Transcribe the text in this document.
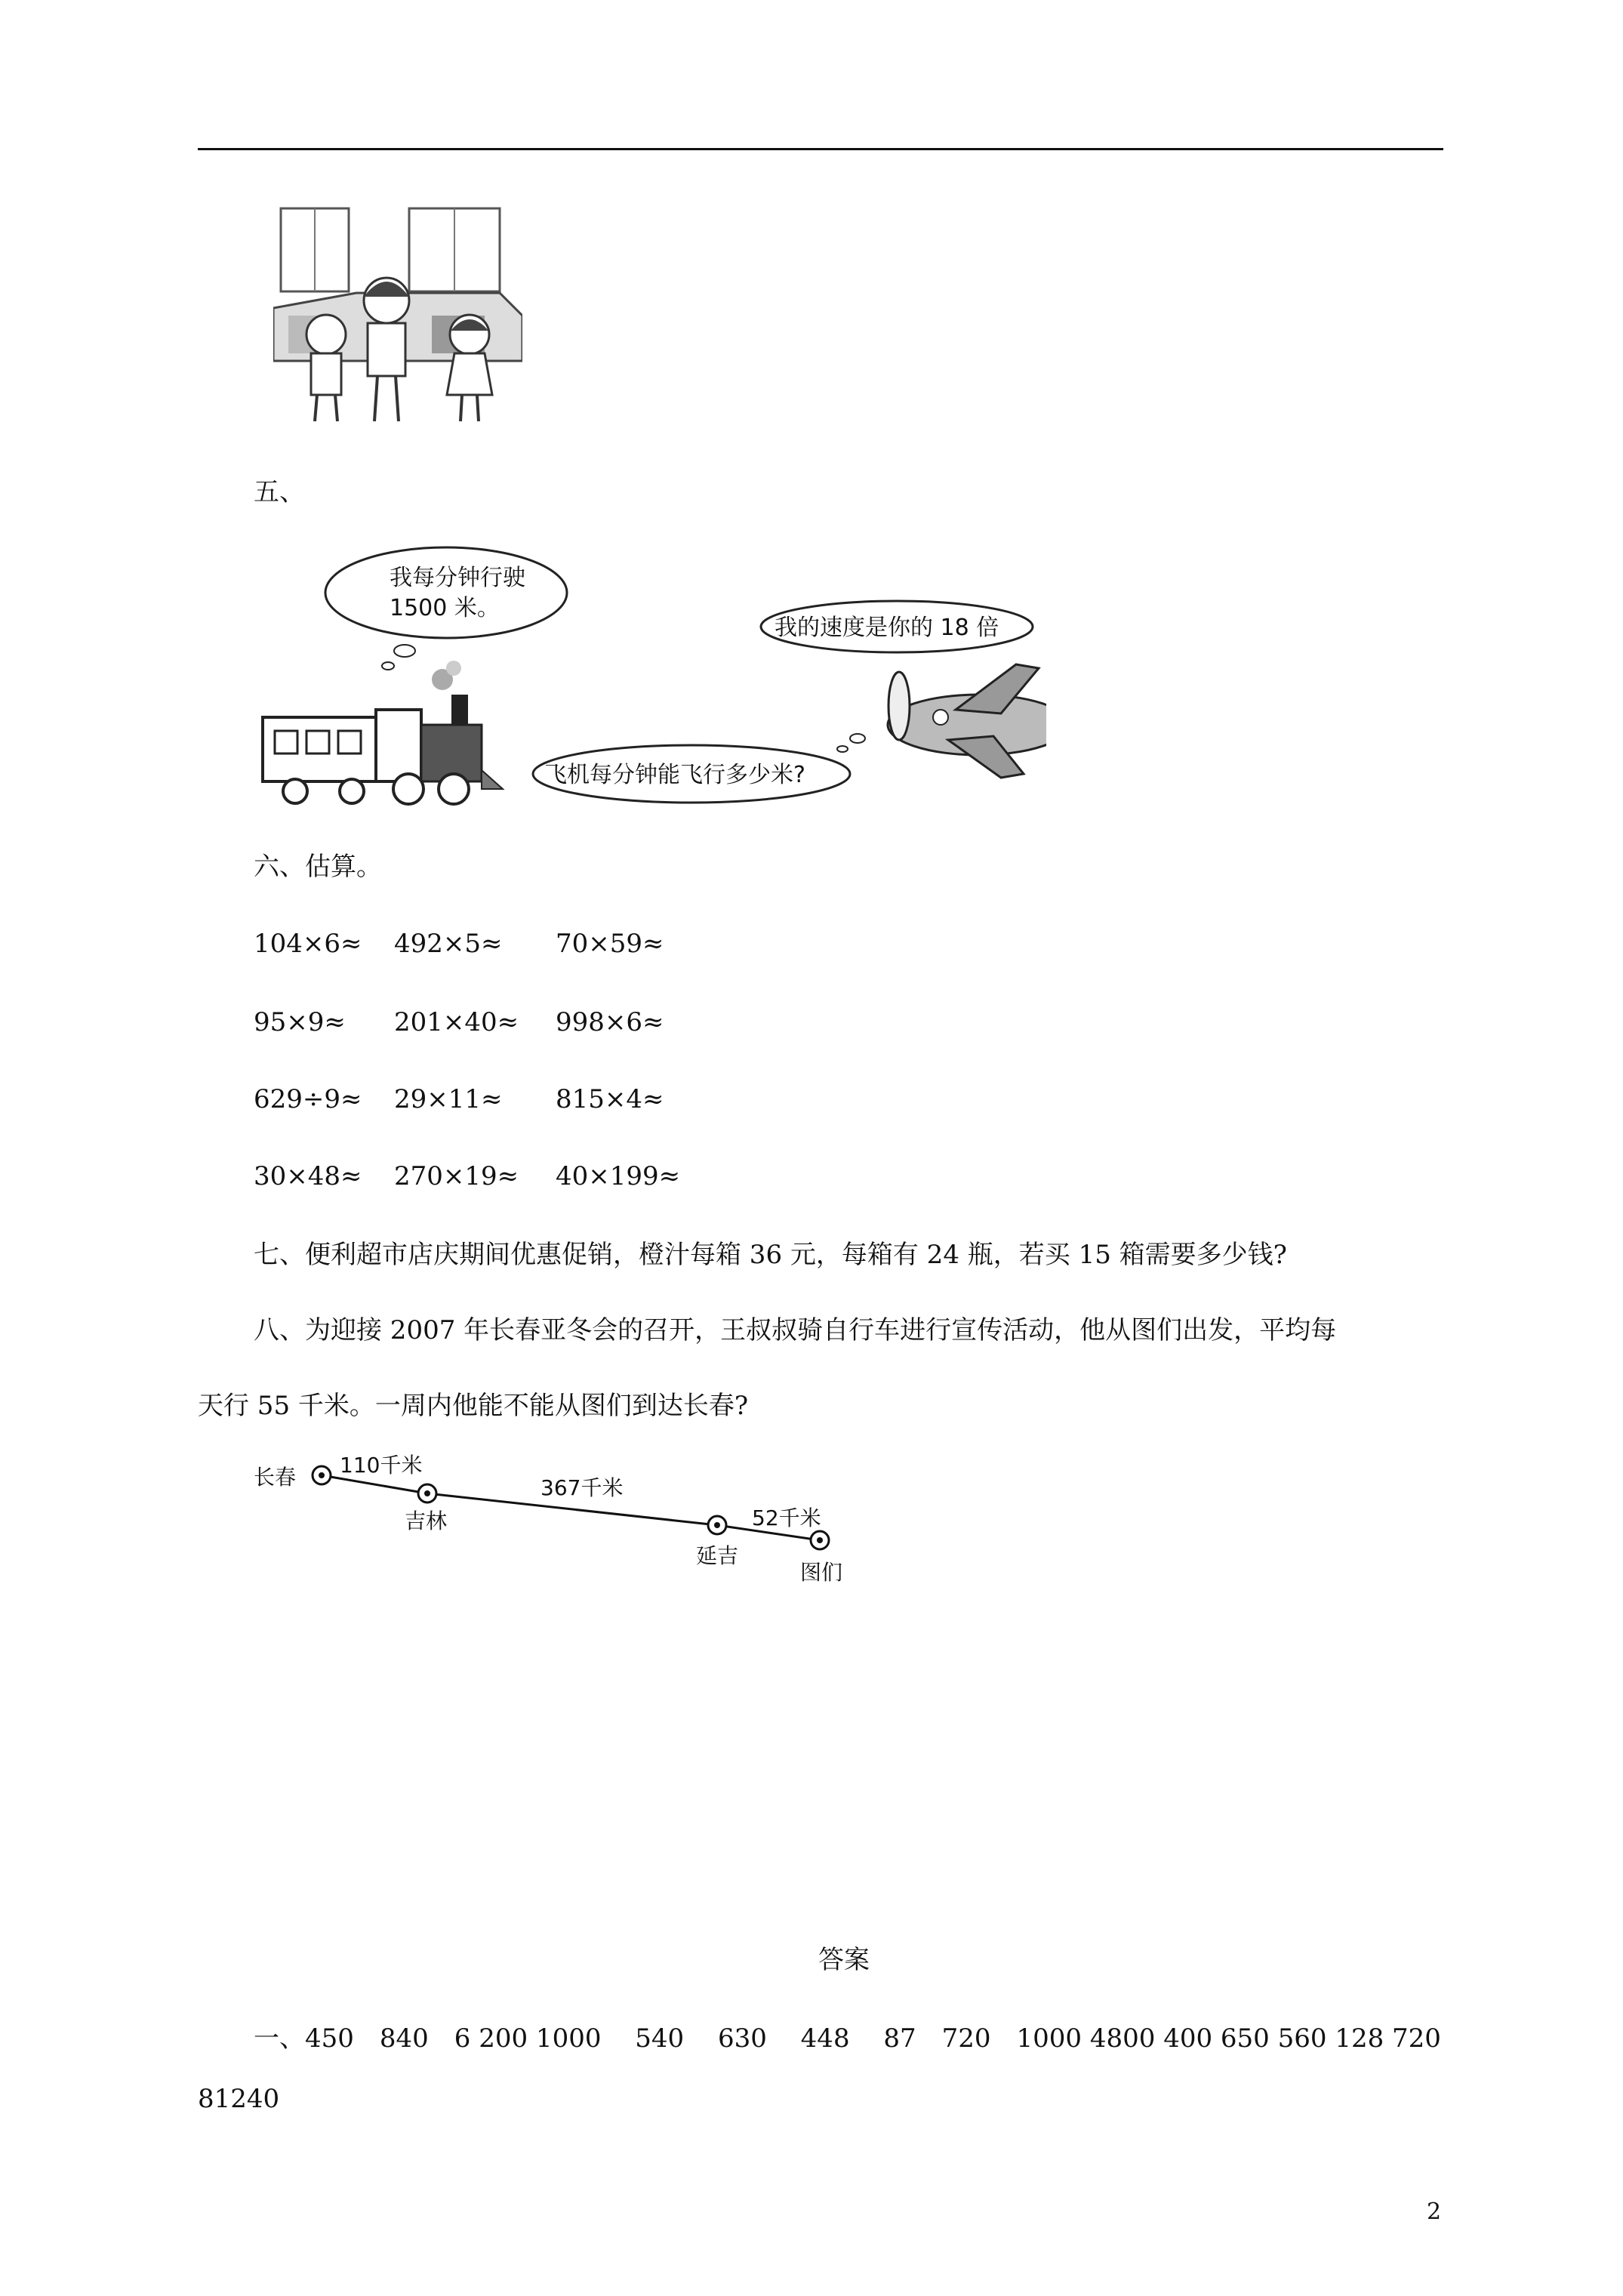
五、
我每分钟行驶
1500 米。
飞机每分钟能飞行多少米?
我的速度是你的 18 倍
六、估算。
104×6≈ 492×5≈ 70×59≈
95×9≈ 201×40≈ 998×6≈
629÷9≈ 29×11≈ 815×4≈
30×48≈ 270×19≈ 40×199≈
七、便利超市店庆期间优惠促销，橙汁每箱 36 元，每箱有 24 瓶，若买 15 箱需要多少钱?
八、为迎接 2007 年长春亚冬会的召开，王叔叔骑自行车进行宣传活动，他从图们出发，平均每
天行 55 千米。一周内他能不能从图们到达长春?
长春
吉林
延吉
图们
110千米
367千米
52千米
答案
一、450　840　6 200 1000　 540　 630　 448　 87　720　1000 4800 400 650 560 128 720
81240
2
